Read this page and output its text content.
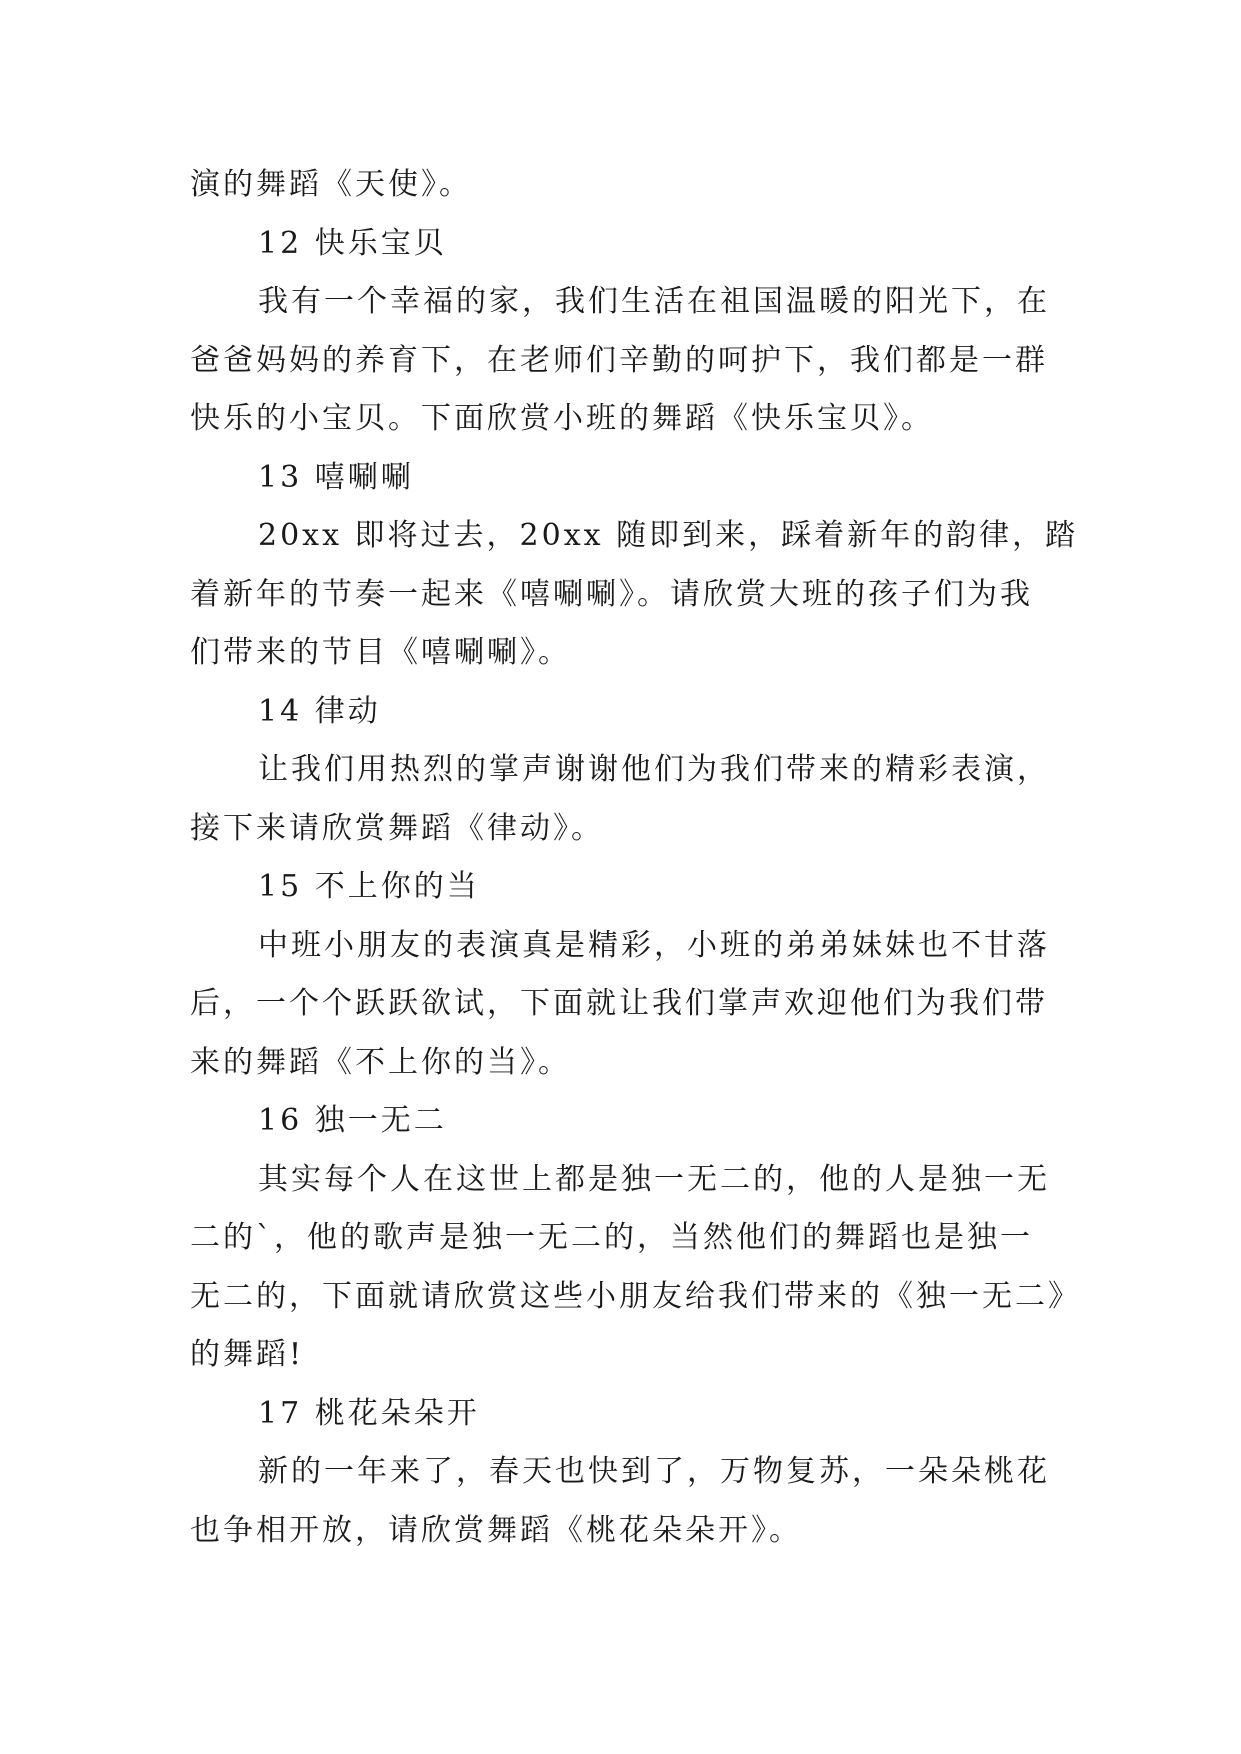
演的舞蹈《天使》。
12 快乐宝贝
我有一个幸福的家，我们生活在祖国温暖的阳光下，在
爸爸妈妈的养育下，在老师们辛勤的呵护下，我们都是一群
快乐的小宝贝。下面欣赏小班的舞蹈《快乐宝贝》。
13 嘻唰唰
20xx 即将过去，20xx 随即到来，踩着新年的韵律，踏
着新年的节奏一起来《嘻唰唰》。请欣赏大班的孩子们为我
们带来的节目《嘻唰唰》。
14 律动
让我们用热烈的掌声谢谢他们为我们带来的精彩表演，
接下来请欣赏舞蹈《律动》。
15 不上你的当
中班小朋友的表演真是精彩，小班的弟弟妹妹也不甘落
后，一个个跃跃欲试，下面就让我们掌声欢迎他们为我们带
来的舞蹈《不上你的当》。
16 独一无二
其实每个人在这世上都是独一无二的，他的人是独一无
二的`，他的歌声是独一无二的，当然他们的舞蹈也是独一
无二的，下面就请欣赏这些小朋友给我们带来的《独一无二》
的舞蹈!
17 桃花朵朵开
新的一年来了，春天也快到了，万物复苏，一朵朵桃花
也争相开放，请欣赏舞蹈《桃花朵朵开》。
